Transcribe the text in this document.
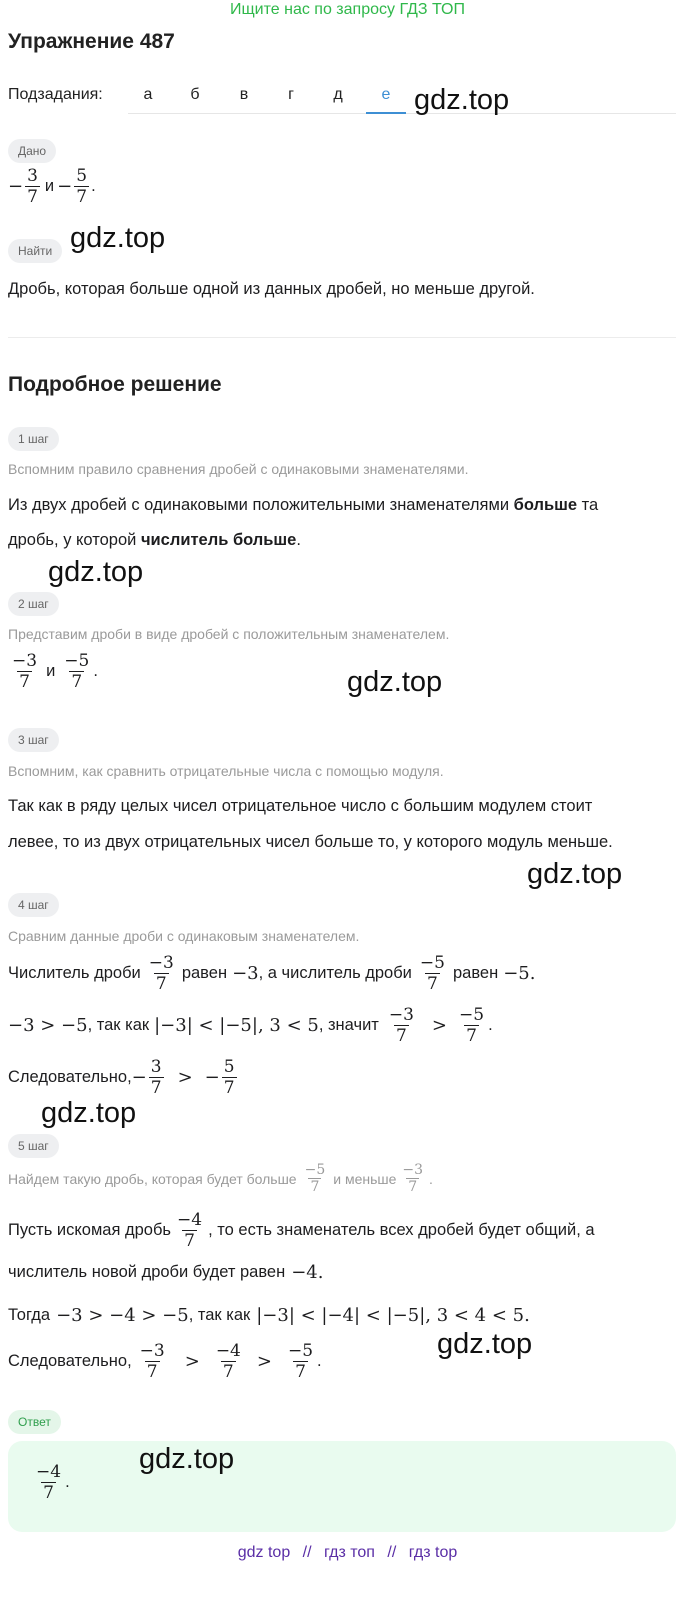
Ищите нас по запросу ГДЗ ТОП
Упражнение 487
Подзадания:	а	б	в	г	д	е gdz.top
Дано
− $\frac{3}{7}$ $и - \frac{5}{7}$ .
Найти gdz.top
Дробь, которая больше одной из данных дробей, но меньше другой.
Подробное решение
1 шаг
Вспомним правило сравнения дробей с одинаковыми знаменателями.
Из двух дробей с одинаковыми положительными знаменателями больше та
дробь, у которой числитель больше.
gdz.top
2 шаг
Представим дроби в виде дробей с положительным знаменателем.
$\frac{-3}{7}$ и $\frac{-5}{7}$ .	gdz.top
3 шаг
Вспомним, как сравнить отрицательные числа с помощью модуля.
Так как в ряду целых чисел отрицательное число с большим модулем стоит
левее, то из двух отрицательных чисел больше то, у которого модуль меньше.
gdz.top
4 шаг
Сравним данные дроби с одинаковым знаменателем.
Числитель дроби $\frac{-3}{7}$ равен −3 , а числитель дроби $\frac{-5}{7}$ равен −5.
−3 > −5 , так как |−3| < |−5|, 3 < 5 , значит $\frac{-3}{7} > \frac{-5}{7}$ .
Следовательно, − $\frac{3}{7}$ > − $\frac{5}{7}$
gdz.top
5 шаг
Найдем такую дробь, которая будет больше $\frac{-5}{7}$ и меньше $\frac{-3}{7}$ .
Пусть искомая дробь $\frac{-4}{7}$ , то есть знаменатель всех дробей будет общий, а
числитель новой дроби будет равен −4.
Тогда −3 > −4 > −5 , так как |−3| < |−4| < |−5|, 3 < 4 < 5.
gdz.top
Следовательно, $\frac{-3}{7} > \frac{-4}{7} > \frac{-5}{7}$ .
Ответ
gdz.top
$\frac{-4}{7}$ .
gdz top // гдз топ // гдз top
